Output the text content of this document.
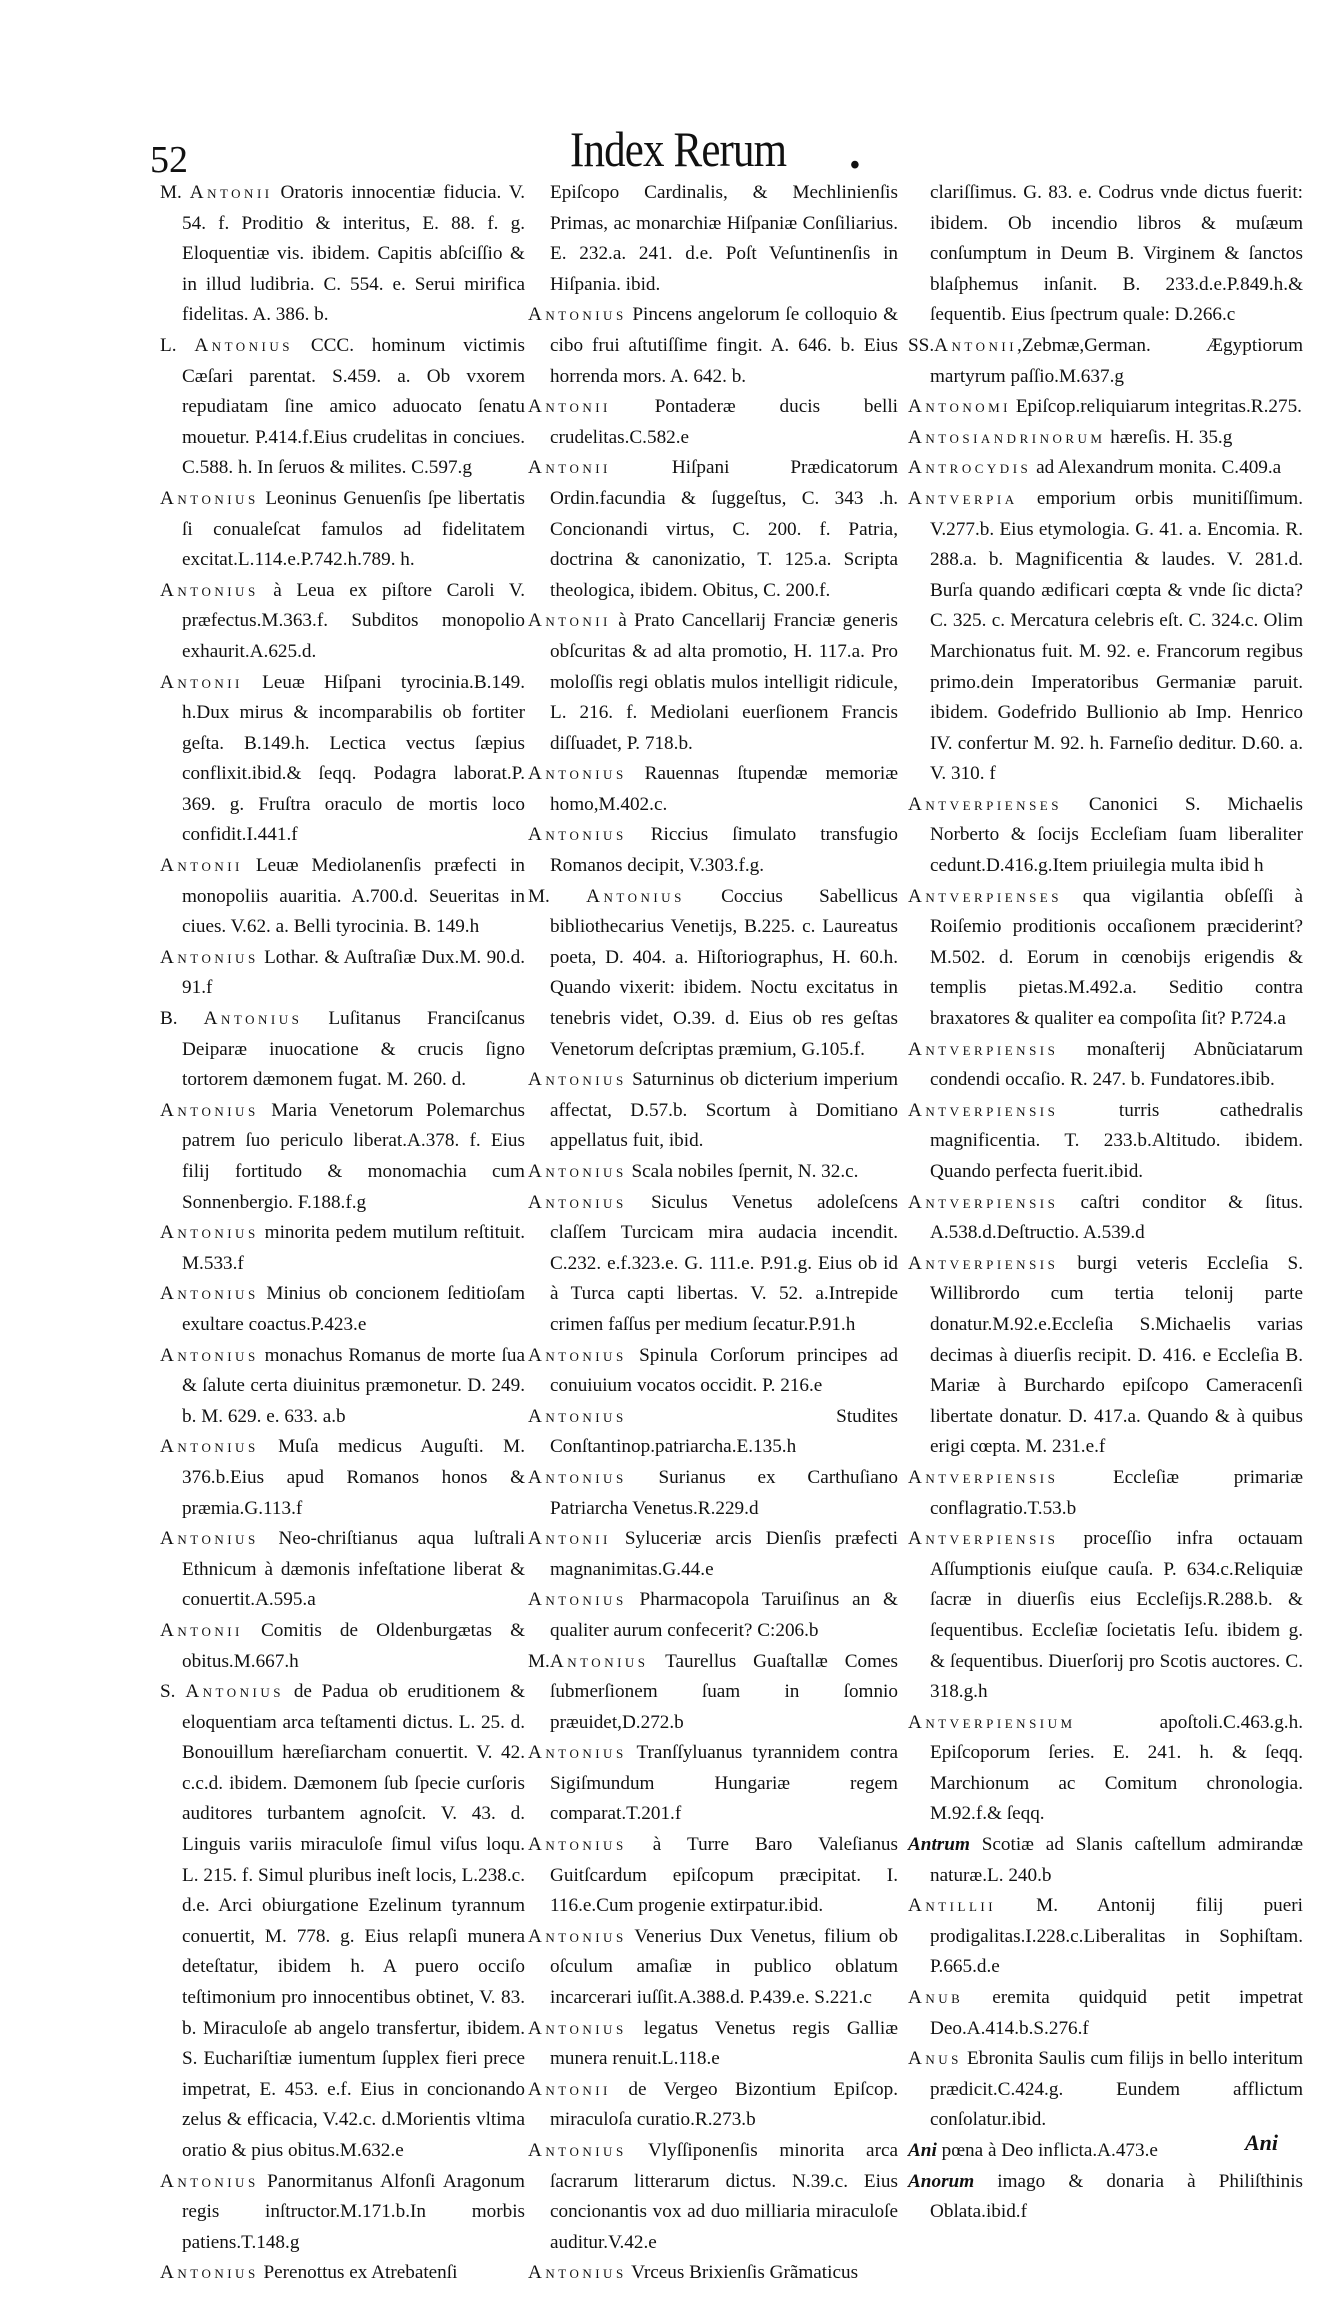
52	Index Rerum •

M. Antonii Oratoris innocentiæ fiducia. V. 54. f. Proditio & interitus, E. 88. f. g. Eloquentiæ vis. ibidem. Capitis abſciſſio & in illud ludibria. C. 554. e. Serui mirifica fidelitas. A. 386. b.

L. Antonius CCC. hominum victimis Cæſari parentat. S.459. a. Ob vxorem repudiatam ſine amico aduocato ſenatu mouetur. P.414.f.Eius crudelitas in conciues. C.588. h. In ſeruos & milites. C.597.g

Antonius Leoninus Genuenſis ſpe libertatis ſi conualeſcat famulos ad fidelitatem excitat.L.114.e.P.742.h.789. h.

Antonius à Leua ex piſtore Caroli V. præfectus.M.363.f. Subditos monopolio exhaurit.A.625.d.

Antonii Leuæ Hiſpani tyrocinia.B.149. h.Dux mirus & incomparabilis ob fortiter geſta. B.149.h. Lectica vectus ſæpius conflixit.ibid.& ſeqq. Podagra laborat.P. 369. g. Fruſtra oraculo de mortis loco confidit.I.441.f

Antonii Leuæ Mediolanenſis præfecti in monopoliis auaritia. A.700.d. Seueritas in ciues. V.62. a. Belli tyrocinia. B. 149.h

Antonius Lothar. & Auſtraſiæ Dux.M. 90.d. 91.f

B. Antonius Luſitanus Franciſcanus Deiparæ inuocatione & crucis ſigno tortorem dæmonem fugat. M. 260. d.

Antonius Maria Venetorum Polemarchus patrem ſuo periculo liberat.A.378. f. Eius filij fortitudo & monomachia cum Sonnenbergio. F.188.f.g

Antonius minorita pedem mutilum reſtituit. M.533.f

Antonius Minius ob concionem ſeditioſam exultare coactus.P.423.e

Antonius monachus Romanus de morte ſua & ſalute certa diuinitus præmonetur. D. 249. b. M. 629. e. 633. a.b

Antonius Muſa medicus Auguſti. M. 376.b.Eius apud Romanos honos & præmia.G.113.f

Antonius Neo-chriſtianus aqua luſtrali Ethnicum à dæmonis infeſtatione liberat & conuertit.A.595.a

Antonii Comitis de Oldenburgætas & obitus.M.667.h

S. Antonius de Padua ob eruditionem & eloquentiam arca teſtamenti dictus. L. 25. d. Bonouillum hæreſiarcham conuertit. V. 42. c.c.d. ibidem. Dæmonem ſub ſpecie curſoris auditores turbantem agnoſcit. V. 43. d. Linguis variis miraculoſe ſimul viſus loqu. L. 215. f. Simul pluribus ineſt locis, L.238.c. d.e. Arci obiurgatione Ezelinum tyrannum conuertit, M. 778. g. Eius relapſi munera deteſtatur, ibidem h. A puero occiſo teſtimonium pro innocentibus obtinet, V. 83. b. Miraculoſe ab angelo transfertur, ibidem. S. Euchariſtiæ iumentum ſupplex fieri prece impetrat, E. 453. e.f. Eius in concionando zelus & efficacia, V.42.c. d.Morientis vltima oratio & pius obitus.M.632.e

Antonius Panormitanus Alfonſi Aragonum regis inſtructor.M.171.b.In morbis patiens.T.148.g

Antonius Perenottus ex Atrebatenſi

Epiſcopo Cardinalis, & Mechlinienſis Primas, ac monarchiæ Hiſpaniæ Conſiliarius. E. 232.a. 241. d.e. Poſt Veſuntinenſis in Hiſpania. ibid.

Antonius Pincens angelorum ſe colloquio & cibo frui aſtutiſſime fingit. A. 646. b. Eius horrenda mors. A. 642. b.

Antonii Pontaderæ ducis belli crudelitas.C.582.e

Antonii Hiſpani Prædicatorum Ordin.facundia & ſuggeſtus, C. 343 .h. Concionandi virtus, C. 200. f. Patria, doctrina & canonizatio, T. 125.a. Scripta theologica, ibidem. Obitus, C. 200.f.

Antonii à Prato Cancellarij Franciæ generis obſcuritas & ad alta promotio, H. 117.a. Pro moloſſis regi oblatis mulos intelligit ridicule, L. 216. f. Mediolani euerſionem Francis diſſuadet, P. 718.b.

Antonius Rauennas ſtupendæ memoriæ homo,M.402.c.

Antonius Riccius ſimulato transfugio Romanos decipit, V.303.f.g.

M. Antonius Coccius Sabellicus bibliothecarius Venetijs, B.225. c. Laureatus poeta, D. 404. a. Hiſtoriographus, H. 60.h. Quando vixerit: ibidem. Noctu excitatus in tenebris videt, O.39. d. Eius ob res geſtas Venetorum deſcriptas præmium, G.105.f.

Antonius Saturninus ob dicterium imperium affectat, D.57.b. Scortum à Domitiano appellatus fuit, ibid.

Antonius Scala nobiles ſpernit, N. 32.c.

Antonius Siculus Venetus adoleſcens claſſem Turcicam mira audacia incendit. C.232. e.f.323.e. G. 111.e. P.91.g. Eius ob id à Turca capti libertas. V. 52. a.Intrepide crimen faſſus per medium ſecatur.P.91.h

Antonius Spinula Corſorum principes ad conuiuium vocatos occidit. P. 216.e

Antonius Studites Conſtantinop.patriarcha.E.135.h

Antonius Surianus ex Carthuſiano Patriarcha Venetus.R.229.d

Antonii Syluceriæ arcis Dienſis præfecti magnanimitas.G.44.e

Antonius Pharmacopola Taruiſinus an & qualiter aurum confecerit? C:206.b

M.Antonius Taurellus Guaſtallæ Comes ſubmerſionem ſuam in ſomnio præuidet,D.272.b

Antonius Tranſſyluanus tyrannidem contra Sigiſmundum Hungariæ regem comparat.T.201.f

Antonius à Turre Baro Valeſianus Guitſcardum epiſcopum præcipitat. I. 116.e.Cum progenie extirpatur.ibid.

Antonius Venerius Dux Venetus, filium ob oſculum amaſiæ in publico oblatum incarcerari iuſſit.A.388.d. P.439.e. S.221.c

Antonius legatus Venetus regis Galliæ munera renuit.L.118.e

Antonii de Vergeo Bizontium Epiſcop. miraculoſa curatio.R.273.b

Antonius Vlyſſiponenſis minorita arca ſacrarum litterarum dictus. N.39.c. Eius concionantis vox ad duo milliaria miraculoſe auditur.V.42.e

Antonius Vrceus Brixienſis Grãmaticus

clariſſimus. G. 83. e. Codrus vnde dictus fuerit: ibidem. Ob incendio libros & muſæum conſumptum in Deum B. Virginem & ſanctos blaſphemus inſanit. B. 233.d.e.P.849.h.& ſequentib. Eius ſpectrum quale: D.266.c

SS.Antonii,Zebmæ,German. Ægyptiorum martyrum paſſio.M.637.g

Antonomi Epiſcop.reliquiarum integritas.R.275.

Antosiandrinorum hæreſis. H. 35.g

Antrocydis ad Alexandrum monita. C.409.a

Antverpia emporium orbis munitiſſimum. V.277.b. Eius etymologia. G. 41. a. Encomia. R. 288.a. b. Magnificentia & laudes. V. 281.d. Burſa quando ædificari cœpta & vnde ſic dicta? C. 325. c. Mercatura celebris eſt. C. 324.c. Olim Marchionatus fuit. M. 92. e. Francorum regibus primo.dein Imperatoribus Germaniæ paruit. ibidem. Godefrido Bullionio ab Imp. Henrico IV. confertur M. 92. h. Farneſio deditur. D.60. a. V. 310. f

Antverpienses Canonici S. Michaelis Norberto & ſocijs Eccleſiam ſuam liberaliter cedunt.D.416.g.Item priuilegia multa ibid h

Antverpienses qua vigilantia obſeſſi à Roiſemio proditionis occaſionem præciderint? M.502. d. Eorum in cœnobijs erigendis & templis pietas.M.492.a. Seditio contra braxatores & qualiter ea compoſita ſit? P.724.a

Antverpiensis monaſterij Abnũciatarum condendi occaſio. R. 247. b. Fundatores.ibib.

Antverpiensis turris cathedralis magnificentia. T. 233.b.Altitudo. ibidem. Quando perfecta fuerit.ibid.

Antverpiensis caſtri conditor & ſitus. A.538.d.Deſtructio. A.539.d

Antverpiensis burgi veteris Eccleſia S. Willibrordo cum tertia telonij parte donatur.M.92.e.Eccleſia S.Michaelis varias decimas à diuerſis recipit. D. 416. e Eccleſia B. Mariæ à Burchardo epiſcopo Cameracenſi libertate donatur. D. 417.a. Quando & à quibus erigi cœpta. M. 231.e.f

Antverpiensis Eccleſiæ primariæ conflagratio.T.53.b

Antverpiensis proceſſio infra octauam Aſſumptionis eiuſque cauſa. P. 634.c.Reliquiæ ſacræ in diuerſis eius Eccleſijs.R.288.b. & ſequentibus. Eccleſiæ ſocietatis Ieſu. ibidem g. & ſequentibus. Diuerſorij pro Scotis auctores. C. 318.g.h

Antverpiensium apoſtoli.C.463.g.h. Epiſcoporum ſeries. E. 241. h. & ſeqq. Marchionum ac Comitum chronologia. M.92.f.& ſeqq.

Antrum Scotiæ ad Slanis caſtellum admirandæ naturæ.L. 240.b

Antillii M. Antonij filij pueri prodigalitas.I.228.c.Liberalitas in Sophiſtam. P.665.d.e

Anub eremita quidquid petit impetrat Deo.A.414.b.S.276.f

Anus Ebronita Saulis cum filijs in bello interitum prædicit.C.424.g. Eundem afflictum conſolatur.ibid.

Ani pœna à Deo inflicta.A.473.e

Anorum imago & donaria à Philiſthinis Oblata.ibid.f

Ani
